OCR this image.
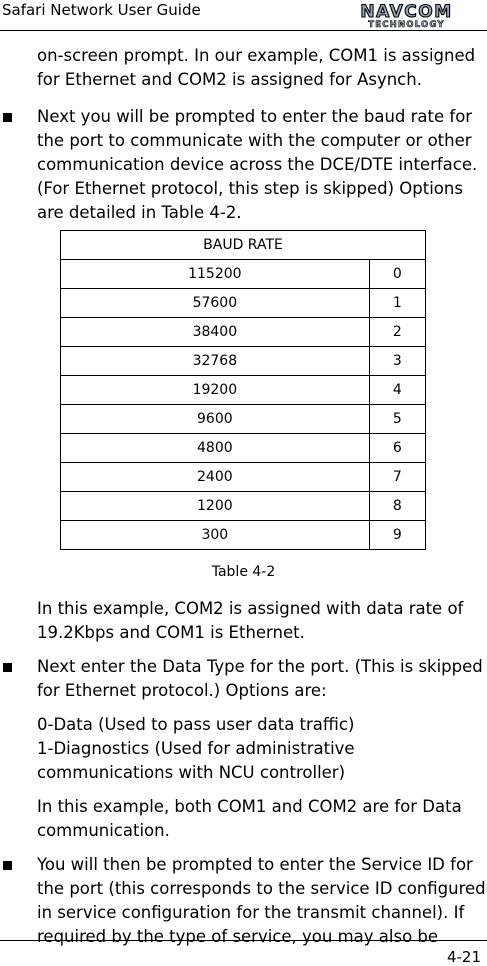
Safari Network User Guide	NAVCOM
TECHNOLOGY

on-screen prompt. In our example, COM1 is assigned
for Ethernet and COM2 is assigned for Asynch.

Next you will be prompted to enter the baud rate for
the port to communicate with the computer or other
communication device across the DCE/DTE interface.
(For Ethernet protocol, this step is skipped) Options
are detailed in Table 4-2.

BAUD RATE	
115200	0
57600	1
38400	2
32768	3
19200	4
9600	5
4800	6
2400	7
1200	8
300	9
Table 4-2

In this example, COM2 is assigned with data rate of
19.2Kbps and COM1 is Ethernet.

Next enter the Data Type for the port. (This is skipped
for Ethernet protocol.) Options are:

0-Data (Used to pass user data traffic)
1-Diagnostics (Used for administrative
communications with NCU controller)

In this example, both COM1 and COM2 are for Data
communication.

You will then be prompted to enter the Service ID for
the port (this corresponds to the service ID configured
in service configuration for the transmit channel). If
required by the type of service, you may also be

4-21
